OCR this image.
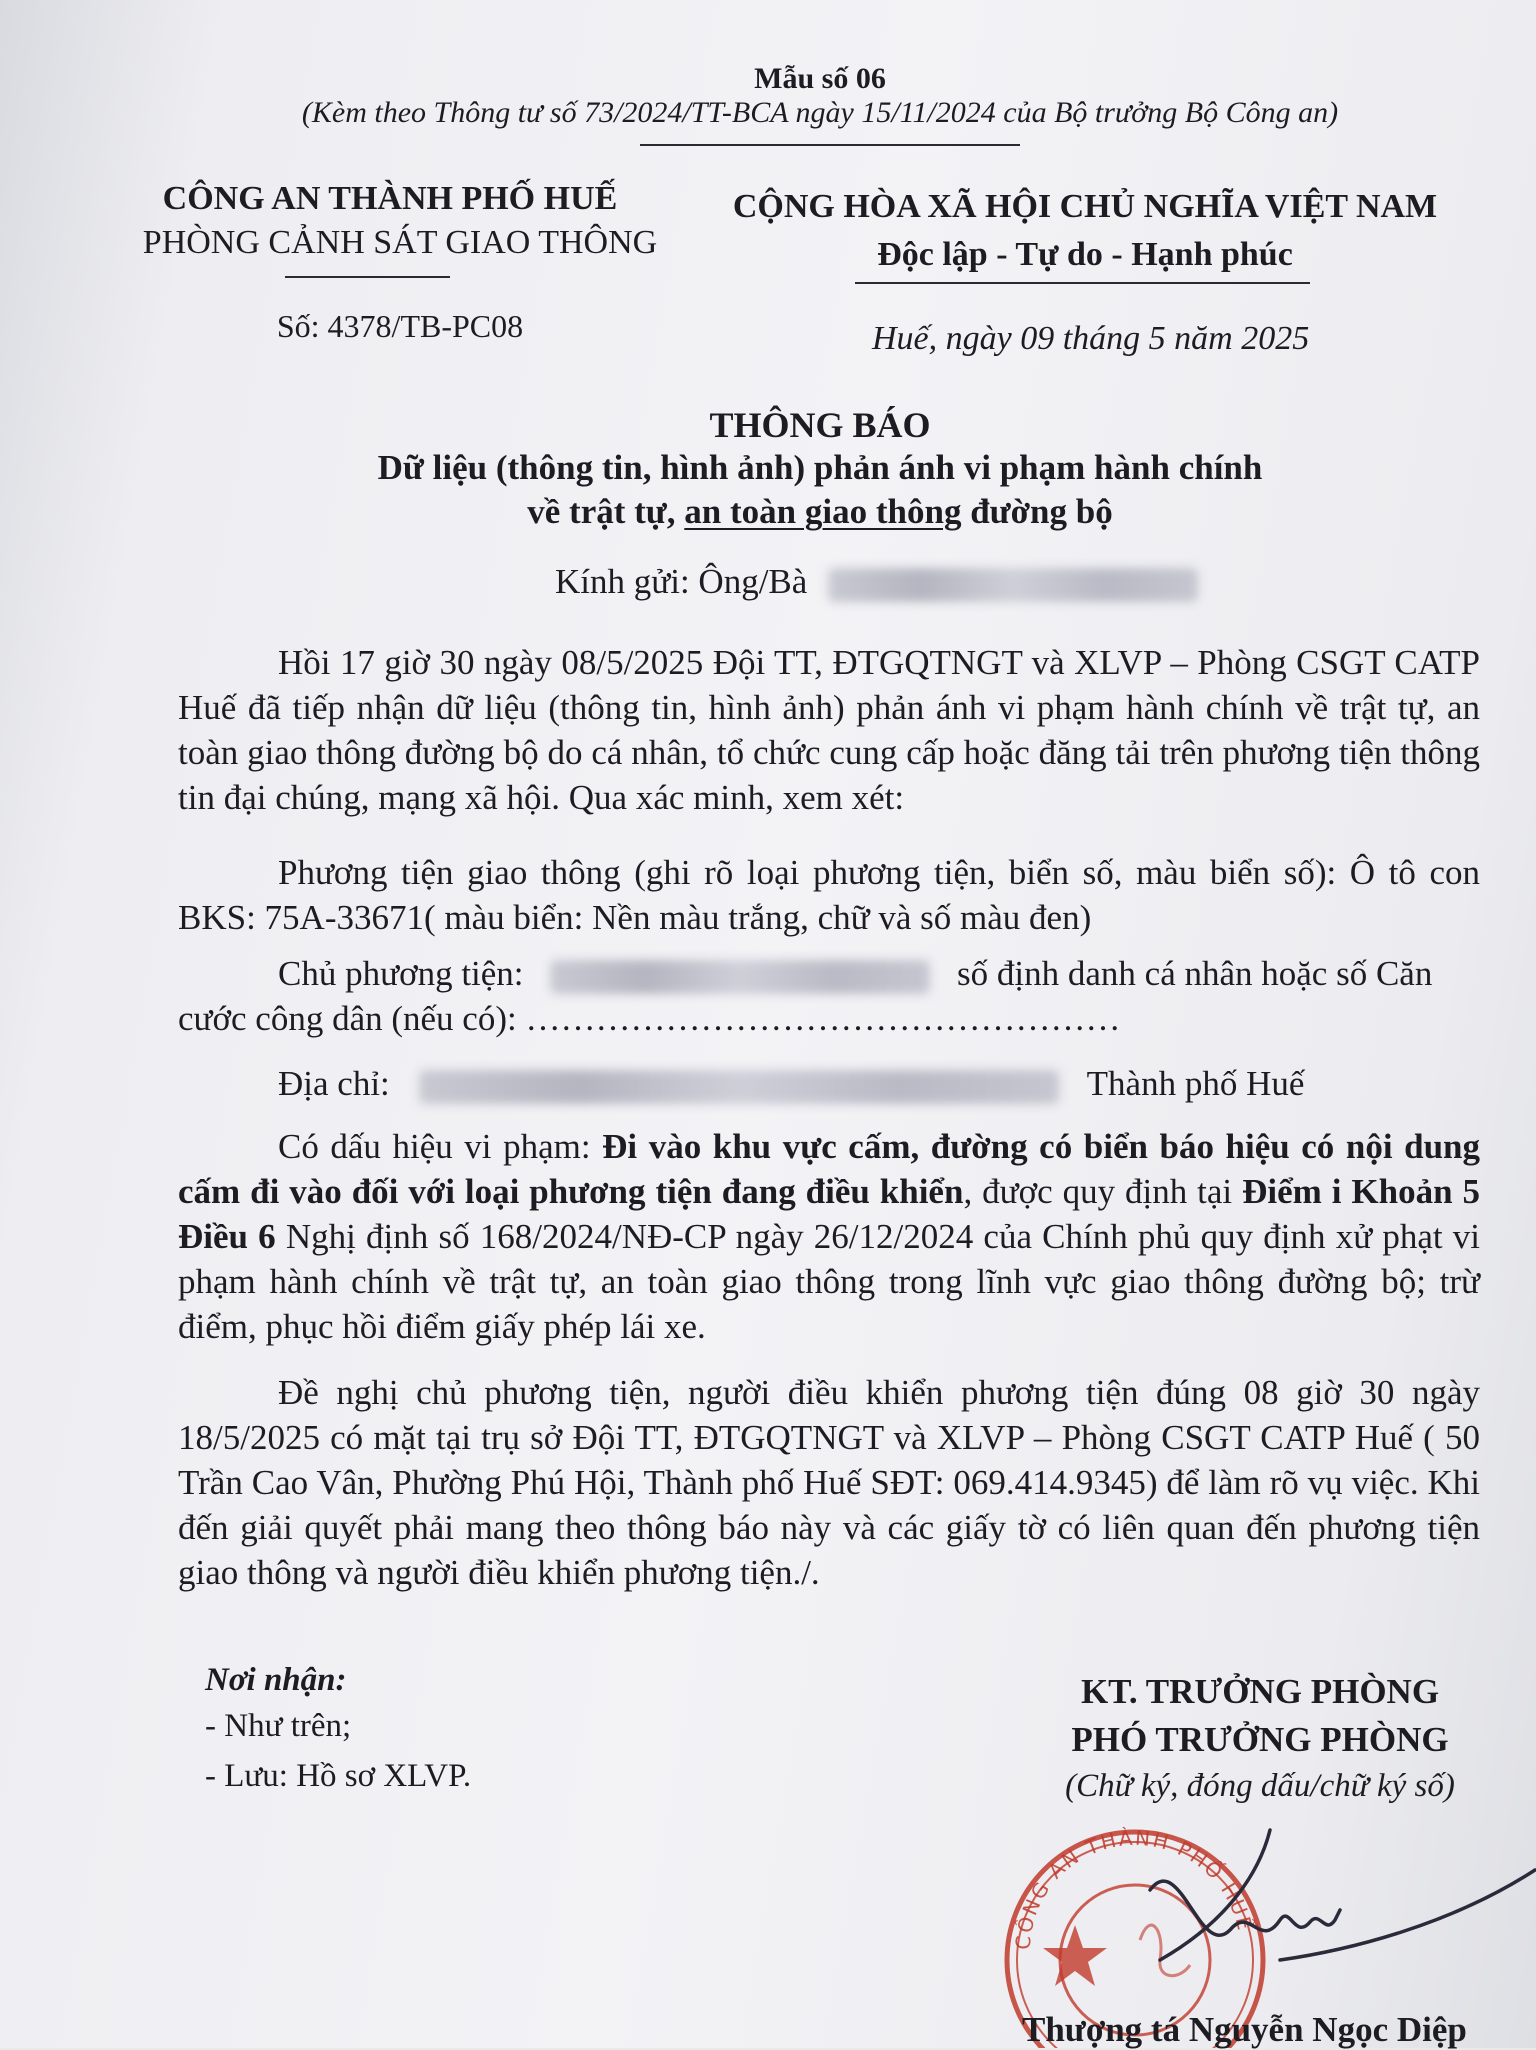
Mẫu số 06
(Kèm theo Thông tư số 73/2024/TT-BCA ngày 15/11/2024 của Bộ trưởng Bộ Công an)
CÔNG AN THÀNH PHỐ HUẾ
PHÒNG CẢNH SÁT GIAO THÔNG
Số: 4378/TB-PC08
CỘNG HÒA XÃ HỘI CHỦ NGHĨA VIỆT NAM
Độc lập - Tự do - Hạnh phúc
Huế, ngày 09 tháng 5 năm 2025
THÔNG BÁO
Dữ liệu (thông tin, hình ảnh) phản ánh vi phạm hành chính
về trật tự, an toàn giao thông đường bộ
Kính gửi: Ông/Bà
Hồi 17 giờ 30 ngày 08/5/2025 Đội TT, ĐTGQTNGT và XLVP – Phòng CSGT CATP Huế đã tiếp nhận dữ liệu (thông tin, hình ảnh) phản ánh vi phạm hành chính về trật tự, an toàn giao thông đường bộ do cá nhân, tổ chức cung cấp hoặc đăng tải trên phương tiện thông tin đại chúng, mạng xã hội. Qua xác minh, xem xét:
Phương tiện giao thông (ghi rõ loại phương tiện, biển số, màu biển số): Ô tô con BKS: 75A-33671( màu biển: Nền màu trắng, chữ và số màu đen)
Chủ phương tiện:	số định danh cá nhân hoặc số Căn
cước công dân (nếu có): ……………………………………………
Địa chỉ:	Thành phố Huế
Có dấu hiệu vi phạm: Đi vào khu vực cấm, đường có biển báo hiệu có nội dung cấm đi vào đối với loại phương tiện đang điều khiển, được quy định tại Điểm i Khoản 5 Điều 6 Nghị định số 168/2024/NĐ-CP ngày 26/12/2024 của Chính phủ quy định xử phạt vi phạm hành chính về trật tự, an toàn giao thông trong lĩnh vực giao thông đường bộ; trừ điểm, phục hồi điểm giấy phép lái xe.
Đề nghị chủ phương tiện, người điều khiển phương tiện đúng 08 giờ 30 ngày 18/5/2025 có mặt tại trụ sở Đội TT, ĐTGQTNGT và XLVP – Phòng CSGT CATP Huế ( 50 Trần Cao Vân, Phường Phú Hội, Thành phố Huế SĐT: 069.414.9345) để làm rõ vụ việc. Khi đến giải quyết phải mang theo thông báo này và các giấy tờ có liên quan đến phương tiện giao thông và người điều khiển phương tiện./.
Nơi nhận:
- Như trên;
- Lưu: Hồ sơ XLVP.
KT. TRƯỞNG PHÒNG
PHÓ TRƯỞNG PHÒNG
(Chữ ký, đóng dấu/chữ ký số)
CÔNG AN THÀNH PHỐ HUẾ
Thượng tá Nguyễn Ngọc Diệp
